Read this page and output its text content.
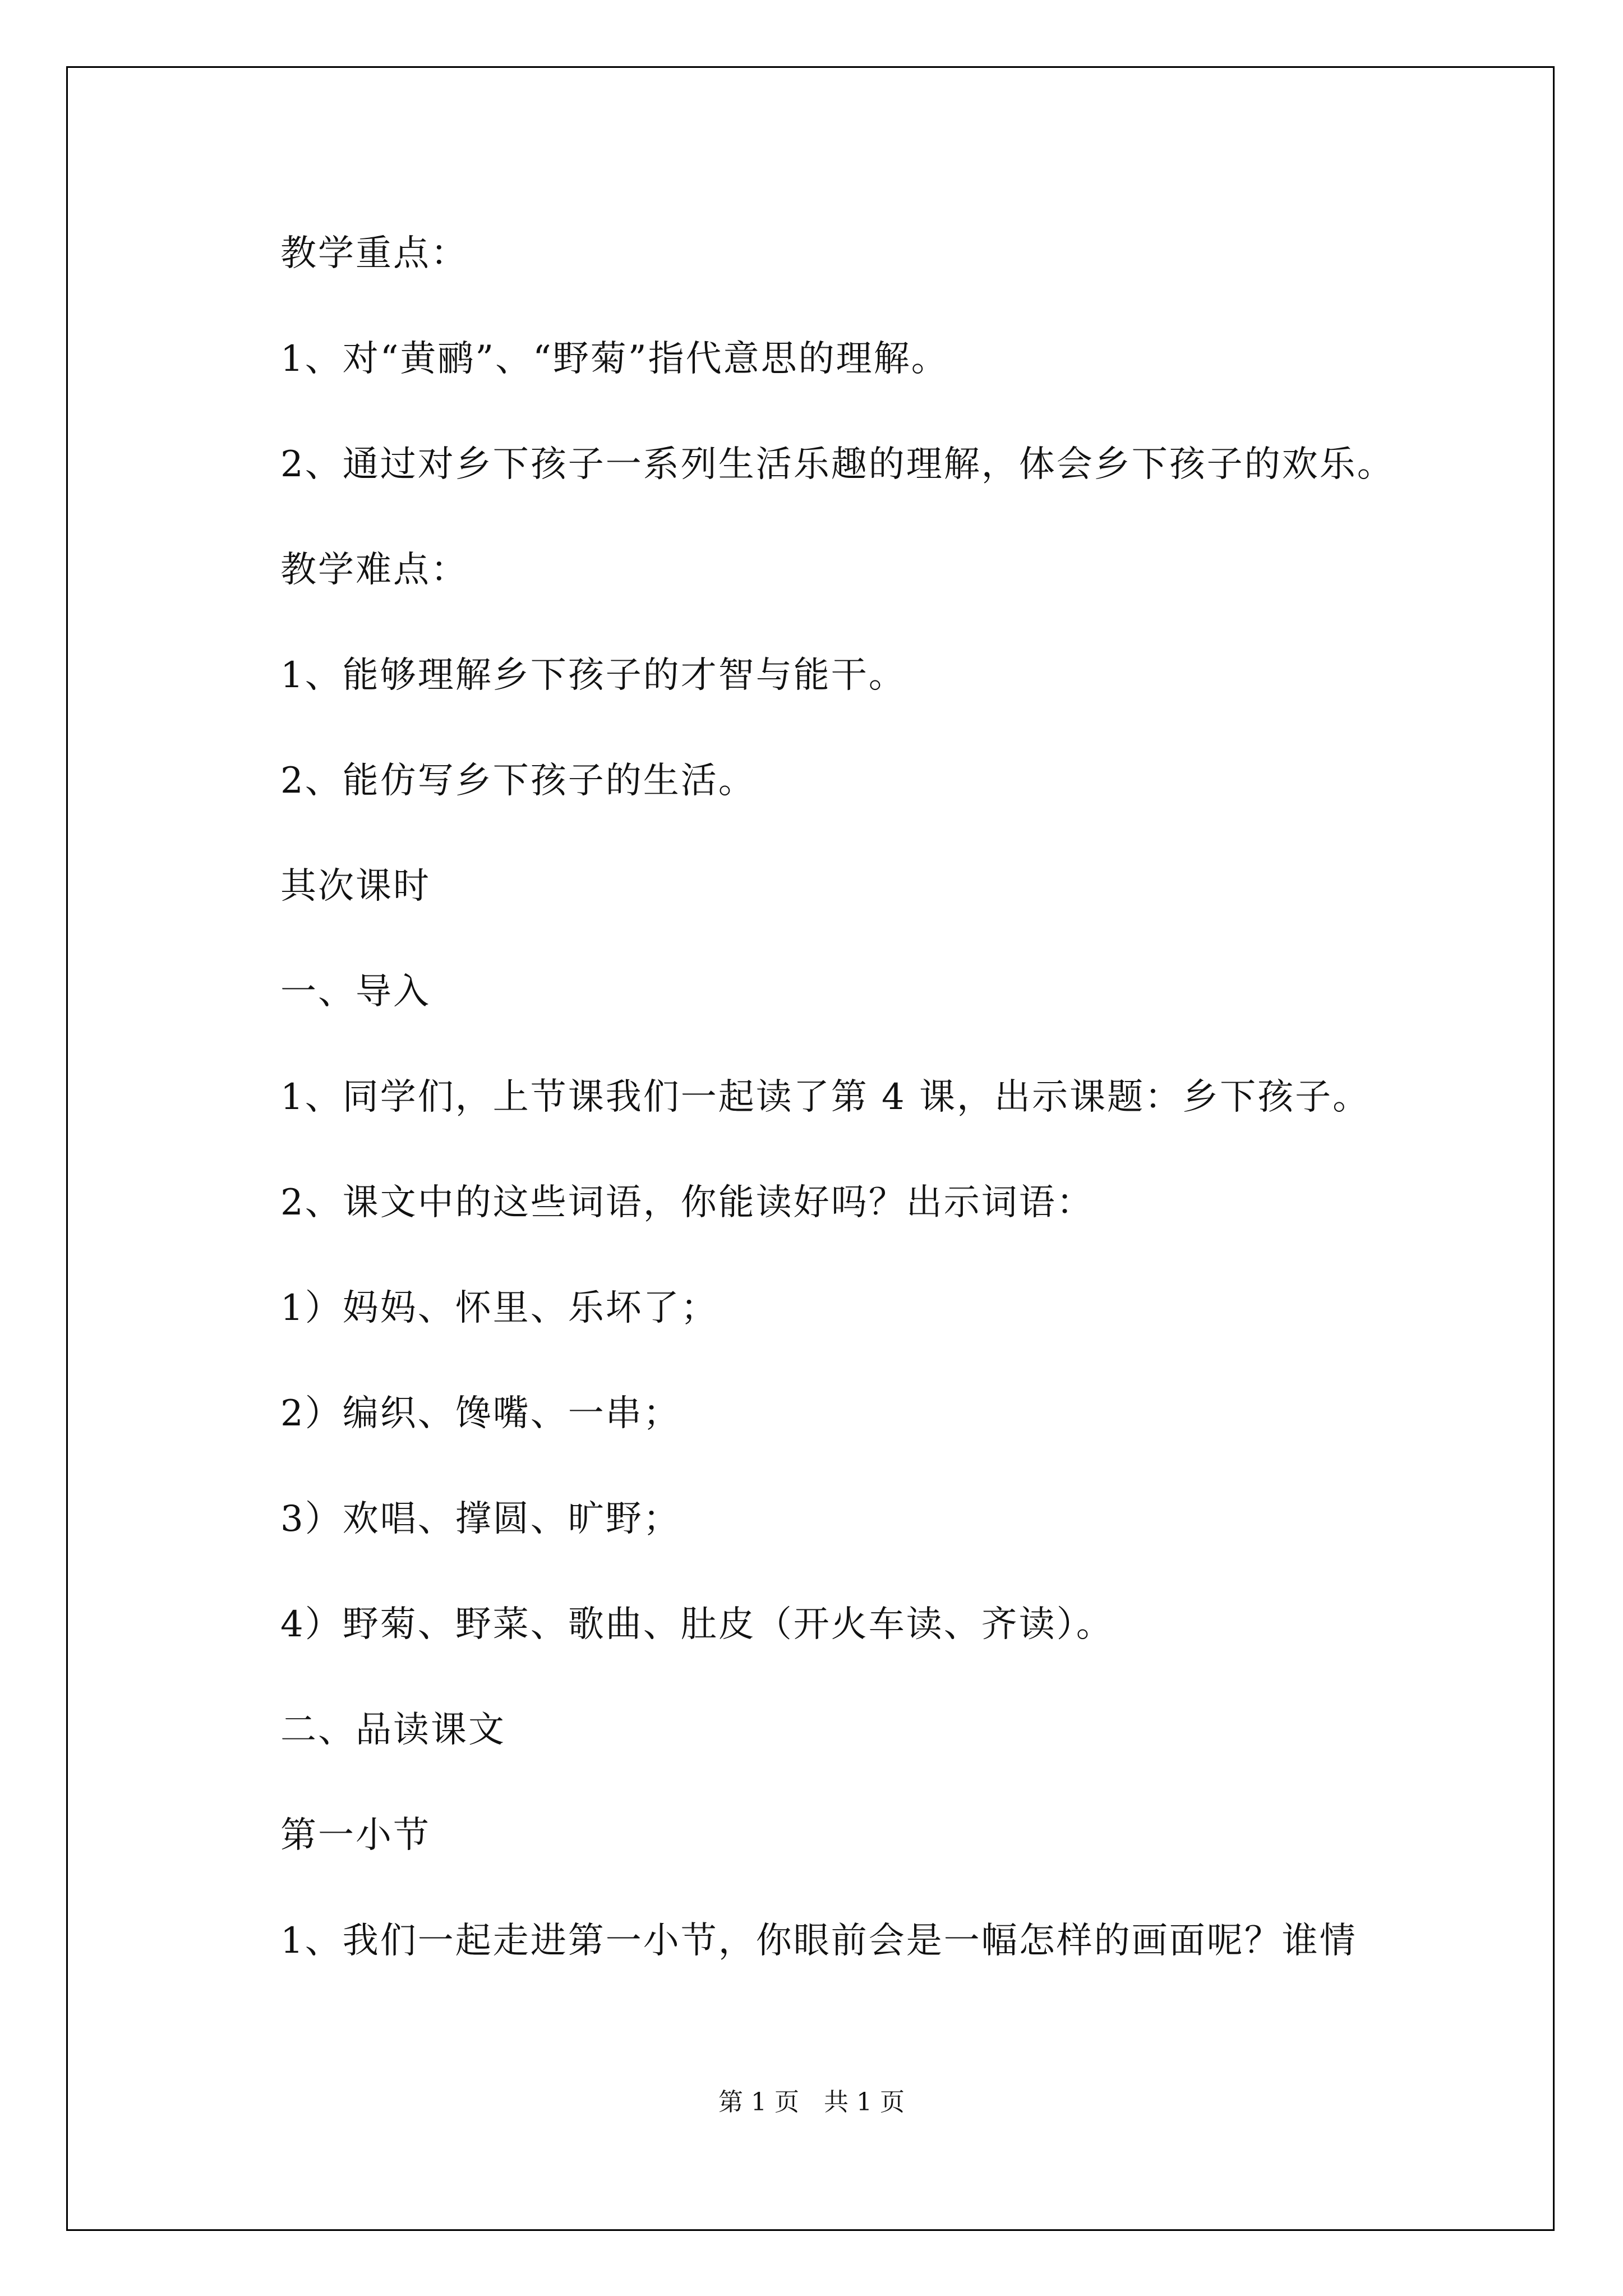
教学重点：
1、对“黄鹂”、“野菊”指代意思的理解。
2、通过对乡下孩子一系列生活乐趣的理解，体会乡下孩子的欢乐。
教学难点：
1、能够理解乡下孩子的才智与能干。
2、能仿写乡下孩子的生活。
其次课时
一、导入
1、同学们，上节课我们一起读了第 4 课，出示课题：乡下孩子。
2、课文中的这些词语，你能读好吗？出示词语：
1）妈妈、怀里、乐坏了；
2）编织、馋嘴、一串；
3）欢唱、撑圆、旷野；
4）野菊、野菜、歌曲、肚皮（开火车读、齐读）。
二、品读课文
第一小节
1、我们一起走进第一小节，你眼前会是一幅怎样的画面呢？谁情
第 1 页　共 1 页
